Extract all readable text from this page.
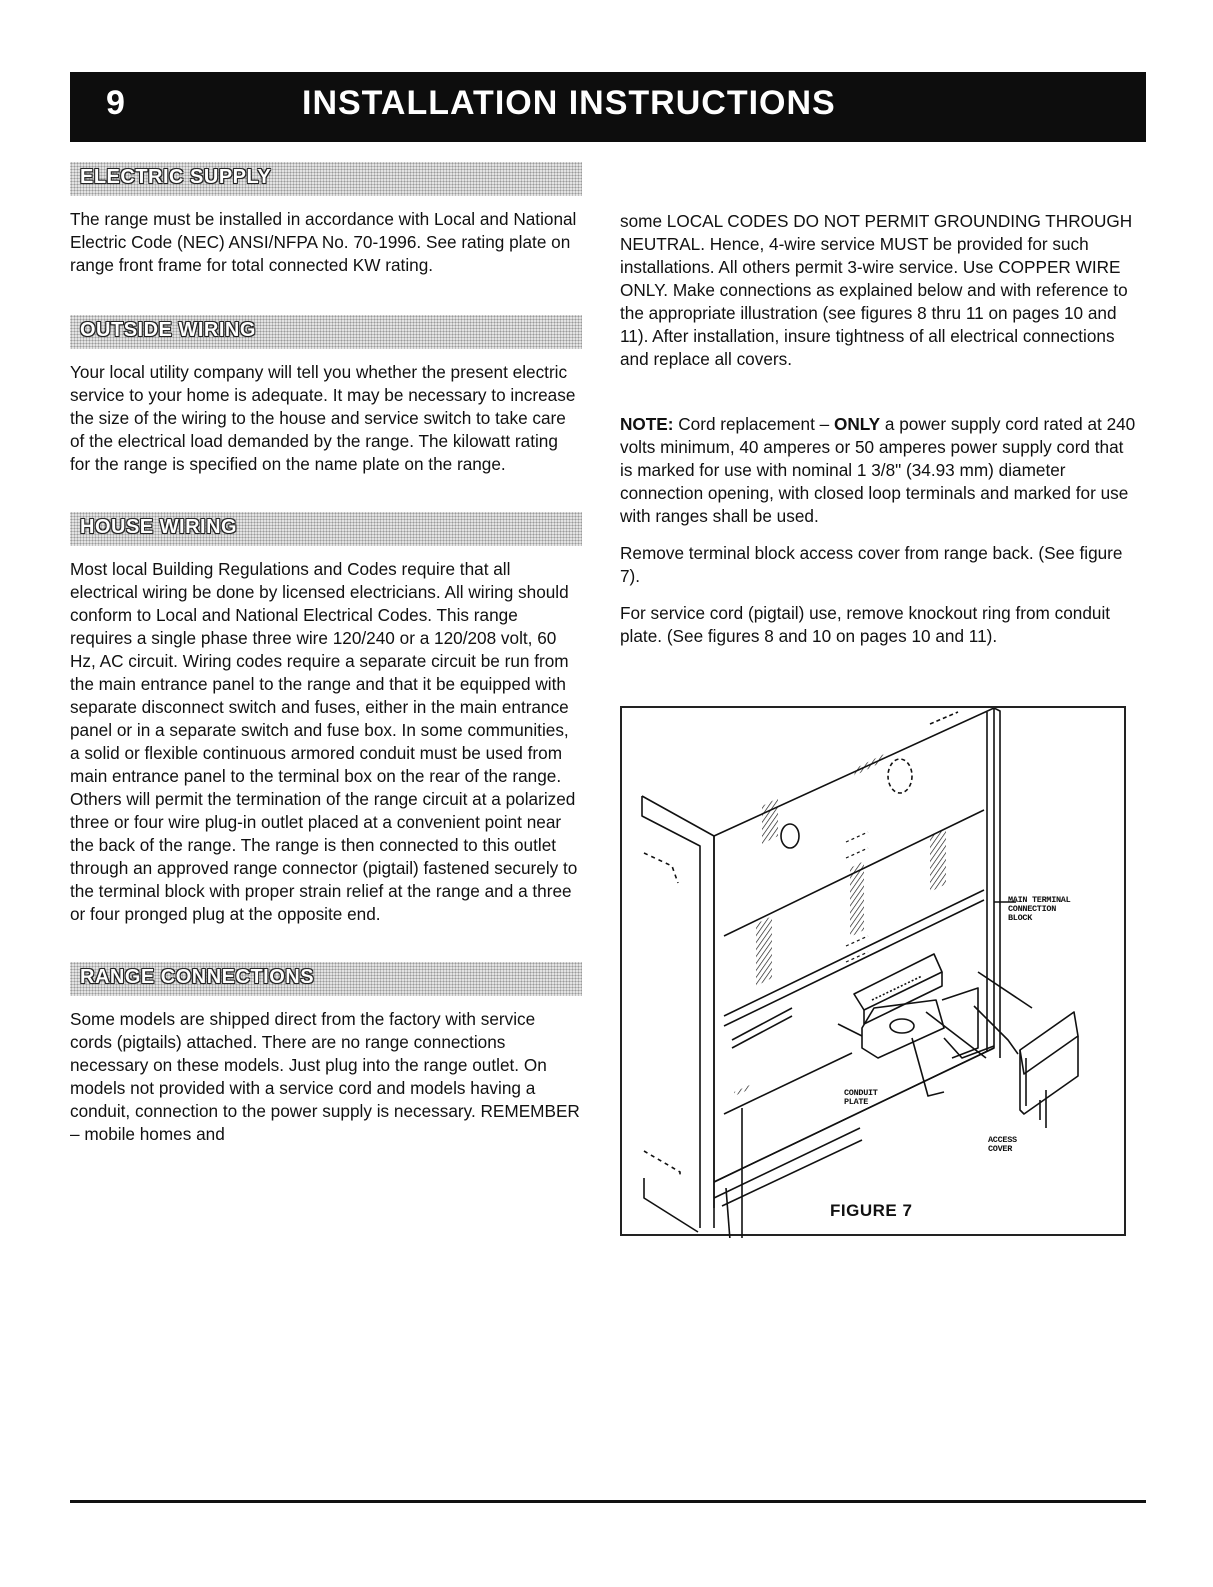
9	INSTALLATION INSTRUCTIONS
ELECTRIC SUPPLY

The range must be installed in accordance with Local and National Electric Code (NEC) ANSI/NFPA No. 70-1996. See rating plate on range front frame for total connected KW rating.

OUTSIDE WIRING

Your local utility company will tell you whether the present electric service to your home is adequate. It may be necessary to increase the size of the wiring to the house and service switch to take care of the electrical load demanded by the range. The kilowatt rating for the range is specified on the name plate on the range.

HOUSE WIRING

Most local Building Regulations and Codes require that all electrical wiring be done by licensed electricians. All wiring should conform to Local and National Electrical Codes. This range requires a single phase three wire 120/240 or a 120/208 volt, 60 Hz, AC circuit. Wiring codes require a separate circuit be run from the main entrance panel to the range and that it be equipped with separate disconnect switch and fuses, either in the main entrance panel or in a separate switch and fuse box. In some communities, a solid or flexible continuous armored conduit must be used from main entrance panel to the terminal box on the rear of the range. Others will permit the termination of the range circuit at a polarized three or four wire plug-in outlet placed at a convenient point near the back of the range. The range is then connected to this outlet through an approved range connector (pigtail) fastened securely to the terminal block with proper strain relief at the range and a three or four pronged plug at the opposite end.

RANGE CONNECTIONS

Some models are shipped direct from the factory with service cords (pigtails) attached. There are no range connections necessary on these models. Just plug into the range outlet. On models not provided with a service cord and models having a conduit, connection to the power supply is necessary. REMEMBER – mobile homes and

some LOCAL CODES DO NOT PERMIT GROUNDING THROUGH NEUTRAL. Hence, 4-wire service MUST be provided for such installations. All others permit 3-wire service. Use COPPER WIRE ONLY. Make connections as explained below and with reference to the appropriate illustration (see figures 8 thru 11 on pages 10 and 11). After installation, insure tightness of all electrical connections and replace all covers.

NOTE: Cord replacement – ONLY a power supply cord rated at 240 volts minimum, 40 amperes or 50 amperes power supply cord that is marked for use with nominal 1 3/8" (34.93 mm) diameter connection opening, with closed loop terminals and marked for use with ranges shall be used.

Remove terminal block access cover from range back. (See figure 7).

For service cord (pigtail) use, remove knockout ring from conduit plate. (See figures 8 and 10 on pages 10 and 11).

MAIN TERMINAL
CONNECTION
BLOCK
CONDUIT
PLATE
ACCESS
COVER
FIGURE 7
